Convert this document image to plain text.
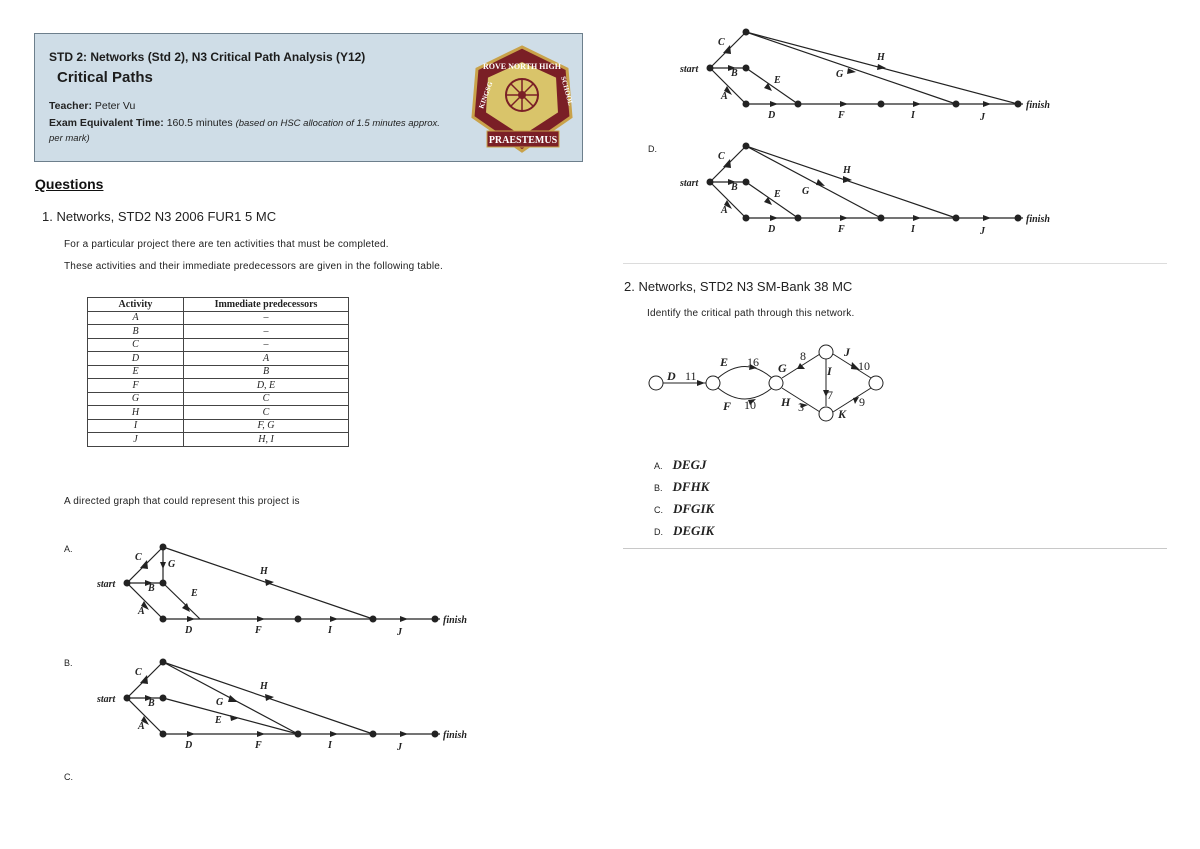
STD 2: Networks (Std 2), N3 Critical Path Analysis (Y12)
Critical Paths
Teacher: Peter Vu
Exam Equivalent Time: 160.5 minutes (based on HSC allocation of 1.5 minutes approx.
per mark)
ROVE NORTH HIGH
KINGSG	SCHOOL
PRAESTEMUS
Questions
1. Networks, STD2 N3 2006 FUR1 5 MC
For a particular project there are ten activities that must be completed.
These activities and their immediate predecessors are given in the following table.
Activity	Immediate predecessors
A	–
B	–
C	–
D	A
E	B
F	D, E
G	C
H	C
I	F, G
J	H, I
A directed graph that could represent this project is
A.
B.
C.
D.
start
C
B
A
G
H
E
D	F	I	J
finish
start
C
B
A
G
H
E
D	F	I	J
finish
start
C
B
A
G
H
E
D	F	I	J
finish
start
C
B
A
G
H
E
D	F	I	J
finish
2. Networks, STD2 N3 SM-Bank 38 MC
Identify the critical path through this network.
D 11
E 16
F 10
G
8
H 3
I
7
J
10
K
9
A. DEGJ
B. DFHK
C. DFGIK
D. DEGIK
